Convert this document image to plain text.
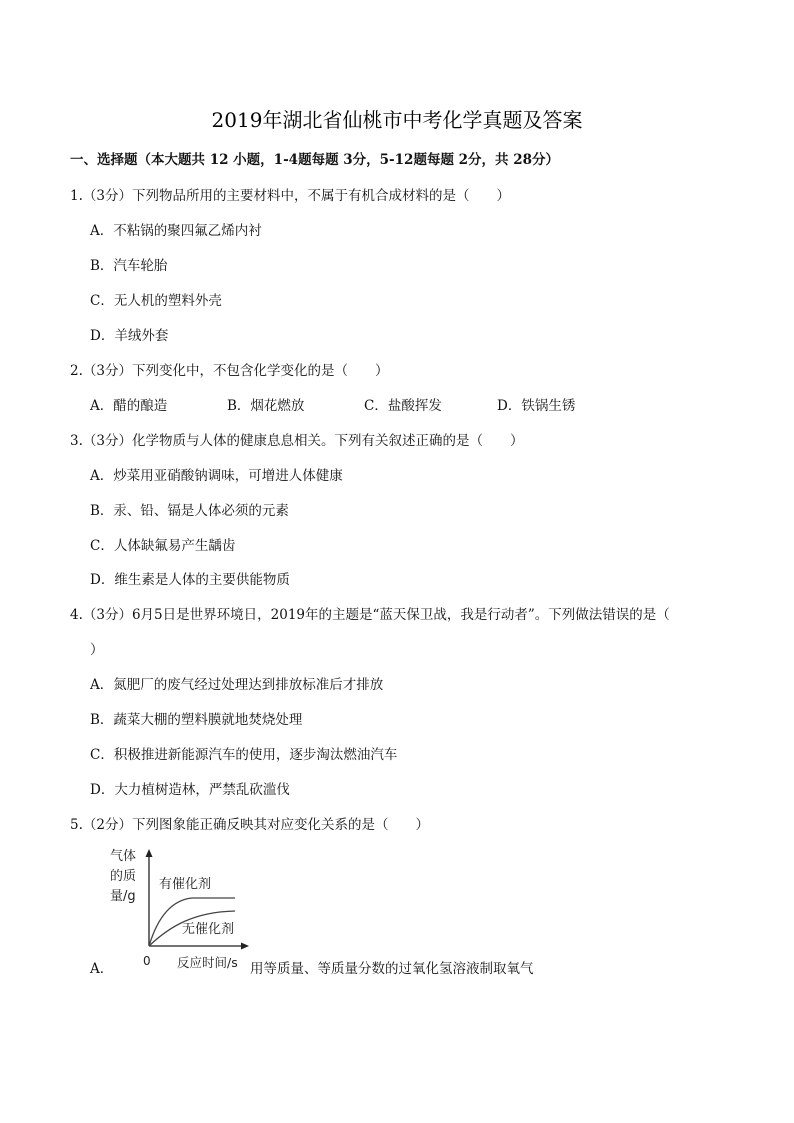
2019年湖北省仙桃市中考化学真题及答案
一、选择题（本大题共 12 小题，1-4题每题 3分，5-12题每题 2分，共 28分）
1.（3分）下列物品所用的主要材料中，不属于有机合成材料的是（　　）
A．不粘锅的聚四氟乙烯内衬
B．汽车轮胎
C．无人机的塑料外壳
D．羊绒外套
2.（3分）下列变化中，不包含化学变化的是（　　）
A．醋的酿造	B．烟花燃放	C．盐酸挥发	D．铁锅生锈
3.（3分）化学物质与人体的健康息息相关。下列有关叙述正确的是（　　）
A．炒菜用亚硝酸钠调味，可增进人体健康
B．汞、铅、镉是人体必须的元素
C．人体缺氟易产生龋齿
D．维生素是人体的主要供能物质
4.（3分）6月5日是世界环境日，2019年的主题是“蓝天保卫战，我是行动者”。下列做法错误的是（
）
A．氮肥厂的废气经过处理达到排放标准后才排放
B．蔬菜大棚的塑料膜就地焚烧处理
C．积极推进新能源汽车的使用，逐步淘汰燃油汽车
D．大力植树造林，严禁乱砍滥伐
5.（2分）下列图象能正确反映其对应变化关系的是（　　）
气体
的质
量/g
有催化剂
无催化剂
0 反应时间/s
A．	用等质量、等质量分数的过氧化氢溶液制取氧气
